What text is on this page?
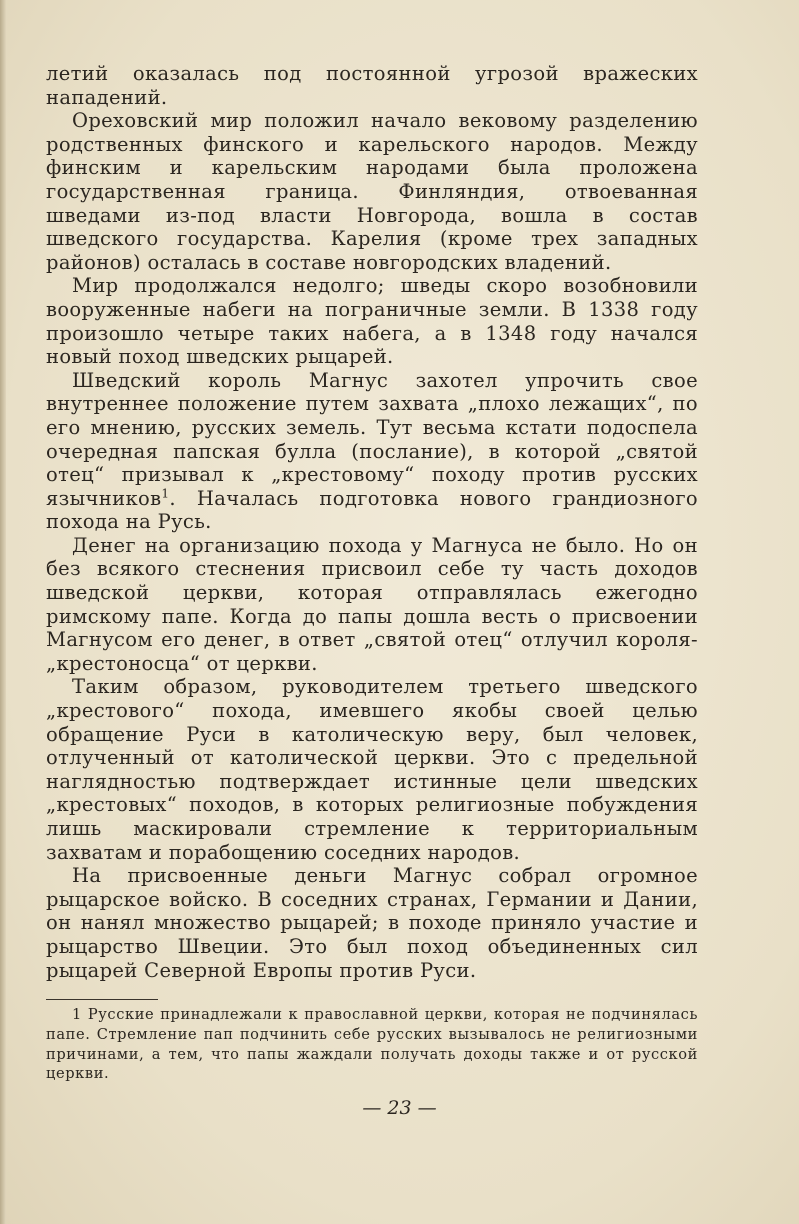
летий оказалась под постоянной угрозой вражеских нападений.

Ореховский мир положил начало вековому разделению родственных финского и карельского народов. Между финским и карельским народами была проложена государственная граница. Финляндия, отвоеванная шведами из-под власти Новгорода, вошла в состав шведского государства. Карелия (кроме трех западных районов) осталась в составе новгородских владений.

Мир продолжался недолго; шведы скоро возобновили вооруженные набеги на пограничные земли. В 1338 году произошло четыре таких набега, а в 1348 году начался новый поход шведских рыцарей.

Шведский король Магнус захотел упрочить свое внутреннее положение путем захвата „плохо лежащих“, по его мнению, русских земель. Тут весьма кстати подоспела очередная папская булла (послание), в которой „святой отец“ призывал к „крестовому“ походу против русских язычников$^1$. Началась подготовка нового грандиозного похода на Русь.

Денег на организацию похода у Магнуса не было. Но он без всякого стеснения присвоил себе ту часть доходов шведской церкви, которая отправлялась ежегодно римскому папе. Когда до папы дошла весть о присвоении Магнусом его денег, в ответ „святой отец“ отлучил короля-„крестоносца“ от церкви.

Таким образом, руководителем третьего шведского „крестового“ похода, имевшего якобы своей целью обращение Руси в католическую веру, был человек, отлученный от католической церкви. Это с предельной наглядностью подтверждает истинные цели шведских „крестовых“ походов, в которых религиозные побуждения лишь маскировали стремление к территориальным захватам и порабощению соседних народов.

На присвоенные деньги Магнус собрал огромное рыцарское войско. В соседних странах, Германии и Дании, он нанял множество рыцарей; в походе приняло участие и рыцарство Швеции. Это был поход объединенных сил рыцарей Северной Европы против Руси.

1 Русские принадлежали к православной церкви, которая не подчинялась папе. Стремление пап подчинить себе русских вызывалось не религиозными причинами, а тем, что папы жаждали получать доходы также и от русской церкви.

— 23 —
